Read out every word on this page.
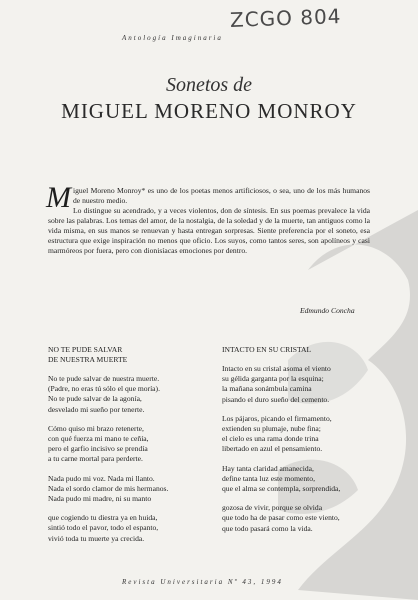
ZCGO 804
Antología Imaginaria
Sonetos de
MIGUEL MORENO MONROY

M iguel Moreno Monroy* es uno de los poetas menos artificiosos, o sea, uno de los más humanos de nuestro medio.

Lo distingue su acendrado, y a veces violentos, don de síntesis. En sus poemas prevalece la vida sobre las palabras. Los temas del amor, de la nostalgia, de la soledad y de la muerte, tan antiguos como la vida misma, en sus manos se renuevan y hasta entregan sorpresas. Siente preferencia por el soneto, esa estructura que exige inspiración no menos que oficio. Los suyos, como tantos seres, son apolíneos y casi marmóreos por fuera, pero con dionisíacas emociones por dentro.

Edmundo Concha
NO TE PUDE SALVAR
DE NUESTRA MUERTE
No te pude salvar de nuestra muerte.
(Padre, no eras tú sólo el que moría).
No te pude salvar de la agonía,
desvelado mi sueño por tenerte.
Cómo quiso mi brazo retenerte,
con qué fuerza mi mano te ceñía,
pero el garfio incisivo se prendía
a tu carne mortal para perderte.
Nada pudo mi voz. Nada mi llanto.
Nada el sordo clamor de mis hermanos.
Nada pudo mi madre, ni su manto
que cogiendo tu diestra ya en huida,
sintió todo el pavor, todo el espanto,
vivió toda tu muerte ya crecida.
INTACTO EN SU CRISTAL
Intacto en su cristal asoma el viento
su gélida garganta por la esquina;
la mañana sonámbula camina
pisando el duro sueño del cemento.
Los pájaros, picando el firmamento,
extienden su plumaje, nube fina;
el cielo es una rama donde trina
libertado en azul el pensamiento.
Hay tanta claridad amanecida,
define tanta luz este momento,
que el alma se contempla, sorprendida,
gozosa de vivir, porque se olvida
que todo ha de pasar como este viento,
que todo pasará como la vida.
Revista Universitaria Nº 43, 1994
